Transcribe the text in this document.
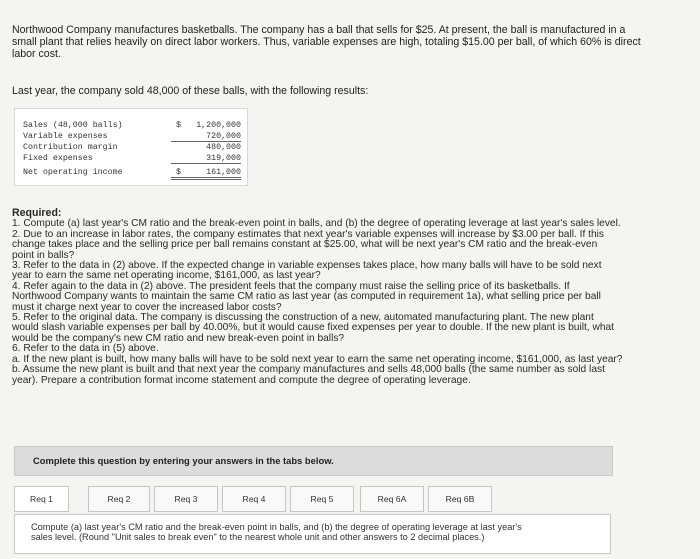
Northwood Company manufactures basketballs. The company has a ball that sells for $25. At present, the ball is manufactured in a

small plant that relies heavily on direct labor workers. Thus, variable expenses are high, totaling $15.00 per ball, of which 60% is direct

labor cost.

Last year, the company sold 48,000 of these balls, with the following results:
Sales (48,000 balls)	$	1,200,000
Variable expenses	720,000
Contribution margin	480,000
Fixed expenses	319,000
Net operating income	$	161,000
Required:

1. Compute (a) last year's CM ratio and the break-even point in balls, and (b) the degree of operating leverage at last year's sales level.

2. Due to an increase in labor rates, the company estimates that next year's variable expenses will increase by $3.00 per ball. If this

change takes place and the selling price per ball remains constant at $25.00, what will be next year's CM ratio and the break-even

point in balls?

3. Refer to the data in (2) above. If the expected change in variable expenses takes place, how many balls will have to be sold next

year to earn the same net operating income, $161,000, as last year?

4. Refer again to the data in (2) above. The president feels that the company must raise the selling price of its basketballs. If

Northwood Company wants to maintain the same CM ratio as last year (as computed in requirement 1a), what selling price per ball

must it charge next year to cover the increased labor costs?

5. Refer to the original data. The company is discussing the construction of a new, automated manufacturing plant. The new plant

would slash variable expenses per ball by 40.00%, but it would cause fixed expenses per year to double. If the new plant is built, what

would be the company's new CM ratio and new break-even point in balls?

6. Refer to the data in (5) above.

a. If the new plant is built, how many balls will have to be sold next year to earn the same net operating income, $161,000, as last year?

b. Assume the new plant is built and that next year the company manufactures and sells 48,000 balls (the same number as sold last

year). Prepare a contribution format income statement and compute the degree of operating leverage.

Complete this question by entering your answers in the tabs below.
Req 1	Req 2	Req 3	Req 4	Req 5	Req 6A	Req 6B
Compute (a) last year's CM ratio and the break-even point in balls, and (b) the degree of operating leverage at last year's
sales level. (Round "Unit sales to break even" to the nearest whole unit and other answers to 2 decimal places.)
